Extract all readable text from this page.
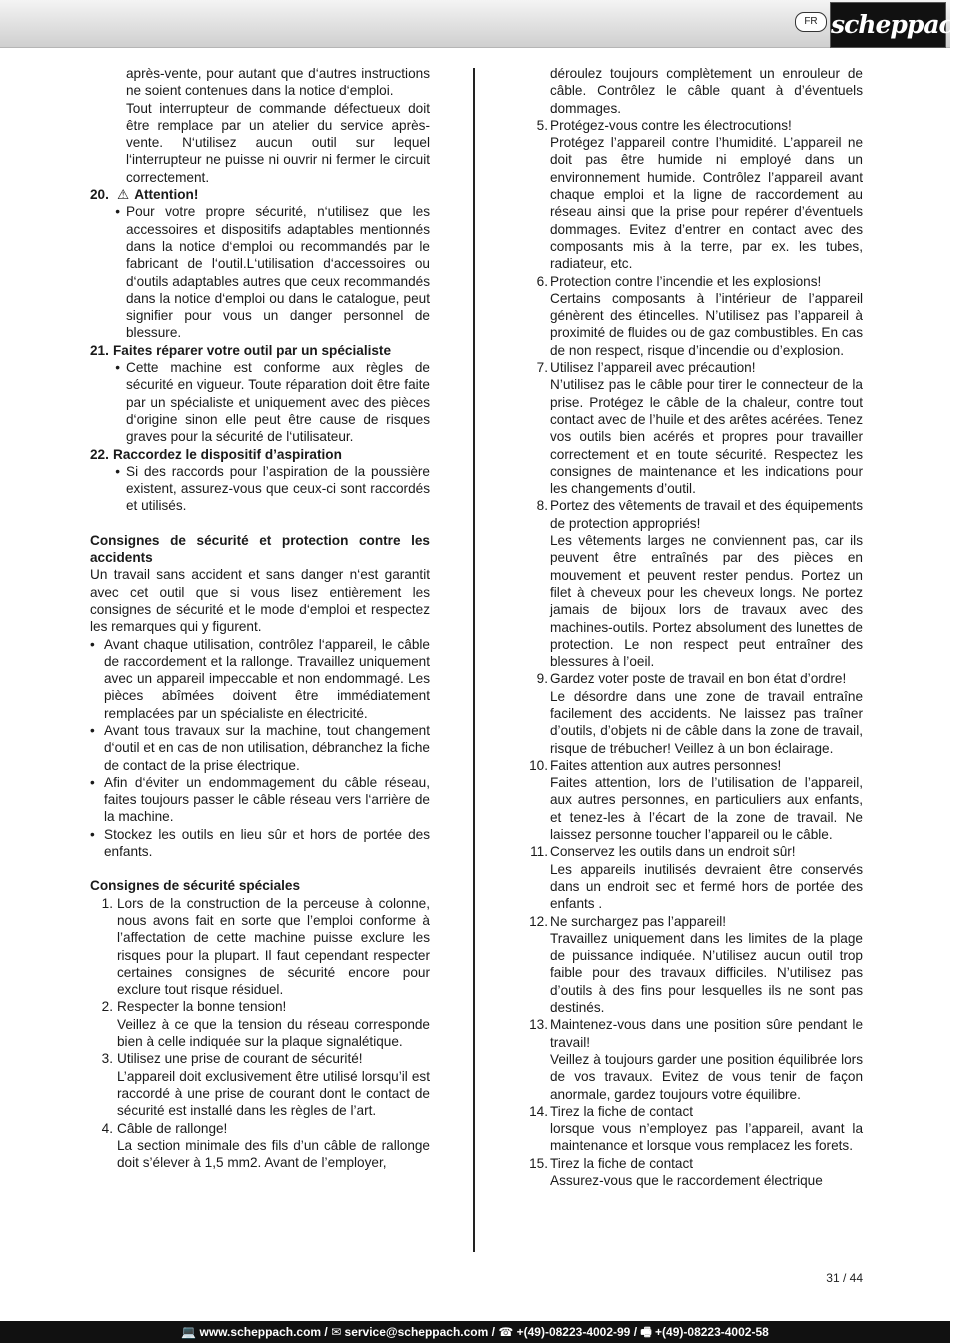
FR scheppach

après-vente, pour autant que d‘autres instructions ne soient contenues dans la notice d‘emploi.

Tout interrupteur de commande défectueux doit être remplace par un atelier du service après-vente. N‘utilisez aucun outil sur lequel l‘interrupteur ne puisse ni ouvrir ni fermer le circuit correctement.

20. ⚠ Attention!
• Pour votre propre sécurité, n‘utilisez que les accessoires et dispositifs adaptables mentionnés dans la notice d‘emploi ou recommandés par le fabricant de l‘outil.L‘utilisation d‘accessoires ou d‘outils adaptables autres que ceux recommandés dans la notice d‘emploi ou dans le catalogue, peut signifier pour vous un danger personnel de blessure.
21. Faites réparer votre outil par un spécialiste
• Cette machine est conforme aux règles de sécurité en vigueur. Toute réparation doit être faite par un spécialiste et uniquement avec des pièces d‘origine sinon elle peut être cause de risques graves pour la sécurité de l‘utilisateur.
22. Raccordez le dispositif d’aspiration
• Si des raccords pour l’aspiration de la poussière existent, assurez-vous que ceux-ci sont raccordés et utilisés.

Consignes de sécurité et protection contre les accidents

Un travail sans accident et sans danger n‘est garantit avec cet outil que si vous lisez entièrement les consignes de sécurité et le mode d‘emploi et respectez les remarques qui y figurent.

• Avant chaque utilisation, contrôlez l‘appareil, le câble de raccordement et la rallonge. Travaillez uniquement avec un appareil impeccable et non endommagé. Les pièces abîmées doivent être immédiatement remplacées par un spécialiste en électricité.
• Avant tous travaux sur la machine, tout changement d‘outil et en cas de non utilisation, débranchez la fiche de contact de la prise électrique.
• Afin d‘éviter un endommagement du câble réseau, faites toujours passer le câble réseau vers l‘arrière de la machine.
• Stockez les outils en lieu sûr et hors de portée des enfants.

Consignes de sécurité spéciales

1. Lors de la construction de la perceuse à colonne, nous avons fait en sorte que l’emploi conforme à l’affectation de cette machine puisse exclure les risques pour la plupart. Il faut cependant respecter certaines consignes de sécurité encore pour exclure tout risque résiduel.
2. Respecter la bonne tension!
Veillez à ce que la tension du réseau corresponde bien à celle indiquée sur la plaque signalétique.
3. Utilisez une prise de courant de sécurité!
L’appareil doit exclusivement être utilisé lorsqu’il est raccordé à une prise de courant dont le contact de sécurité est installé dans les règles de l’art.
4. Câble de rallonge!
La section minimale des fils d’un câble de rallonge doit s’élever à 1,5 mm2. Avant de l’employer,

déroulez toujours complètement un enrouleur de câble. Contrôlez le câble quant à d’éventuels dommages.

5. Protégez-vous contre les électrocutions!
Protégez l’appareil contre l’humidité. L’appareil ne doit pas être humide ni employé dans un environnement humide. Contrôlez l’appareil avant chaque emploi et la ligne de raccordement au réseau ainsi que la prise pour repérer d’éventuels dommages. Evitez d’entrer en contact avec des composants mis à la terre, par ex. les tubes, radiateur, etc.
6. Protection contre l’incendie et les explosions!
Certains composants à l’intérieur de l’appareil génèrent des étincelles. N’utilisez pas l’appareil à proximité de fluides ou de gaz combustibles. En cas de non respect, risque d’incendie ou d’explosion.
7. Utilisez l’appareil avec précaution!
N’utilisez pas le câble pour tirer le connecteur de la prise. Protégez le câble de la chaleur, contre tout contact avec de l’huile et des arêtes acérées. Tenez vos outils bien acérés et propres pour travailler correctement et en toute sécurité. Respectez les consignes de maintenance et les indications pour les changements d’outil.
8. Portez des vêtements de travail et des équipements de protection appropriés!
Les vêtements larges ne conviennent pas, car ils peuvent être entraînés par des pièces en mouvement et peuvent rester pendus. Portez un filet à cheveux pour les cheveux longs. Ne portez jamais de bijoux lors de travaux avec des machines-outils. Portez absolument des lunettes de protection. Le non respect peut entraîner des blessures à l’oeil.
9. Gardez voter poste de travail en bon état d’ordre!
Le désordre dans une zone de travail entraîne facilement des accidents. Ne laissez pas traîner d’outils, d’objets ni de câble dans la zone de travail, risque de trébucher! Veillez à un bon éclairage.
10. Faites attention aux autres personnes!
Faites attention, lors de l’utilisation de l’appareil, aux autres personnes, en particuliers aux enfants, et tenez-les à l’écart de la zone de travail. Ne laissez personne toucher l’appareil ou le câble.
11. Conservez les outils dans un endroit sûr!
Les appareils inutilisés devraient être conservés dans un endroit sec et fermé hors de portée des enfants .
12. Ne surchargez pas l’appareil!
Travaillez uniquement dans les limites de la plage de puissance indiquée. N’utilisez aucun outil trop faible pour des travaux difficiles. N’utilisez pas d’outils à des fins pour lesquelles ils ne sont pas destinés.
13. Maintenez-vous dans une position sûre pendant le travail!
Veillez à toujours garder une position équilibrée lors de vos travaux. Evitez de vous tenir de façon anormale, gardez toujours votre équilibre.
14. Tirez la fiche de contact
lorsque vous n’employez pas l’appareil, avant la maintenance et lorsque vous remplacez les forets.
15. Tirez la fiche de contact
Assurez-vous que le raccordement électrique
31 / 44
💻 www.scheppach.com / ✉ service@scheppach.com / ☎ +(49)-08223-4002-99 / 🖷 +(49)-08223-4002-58
